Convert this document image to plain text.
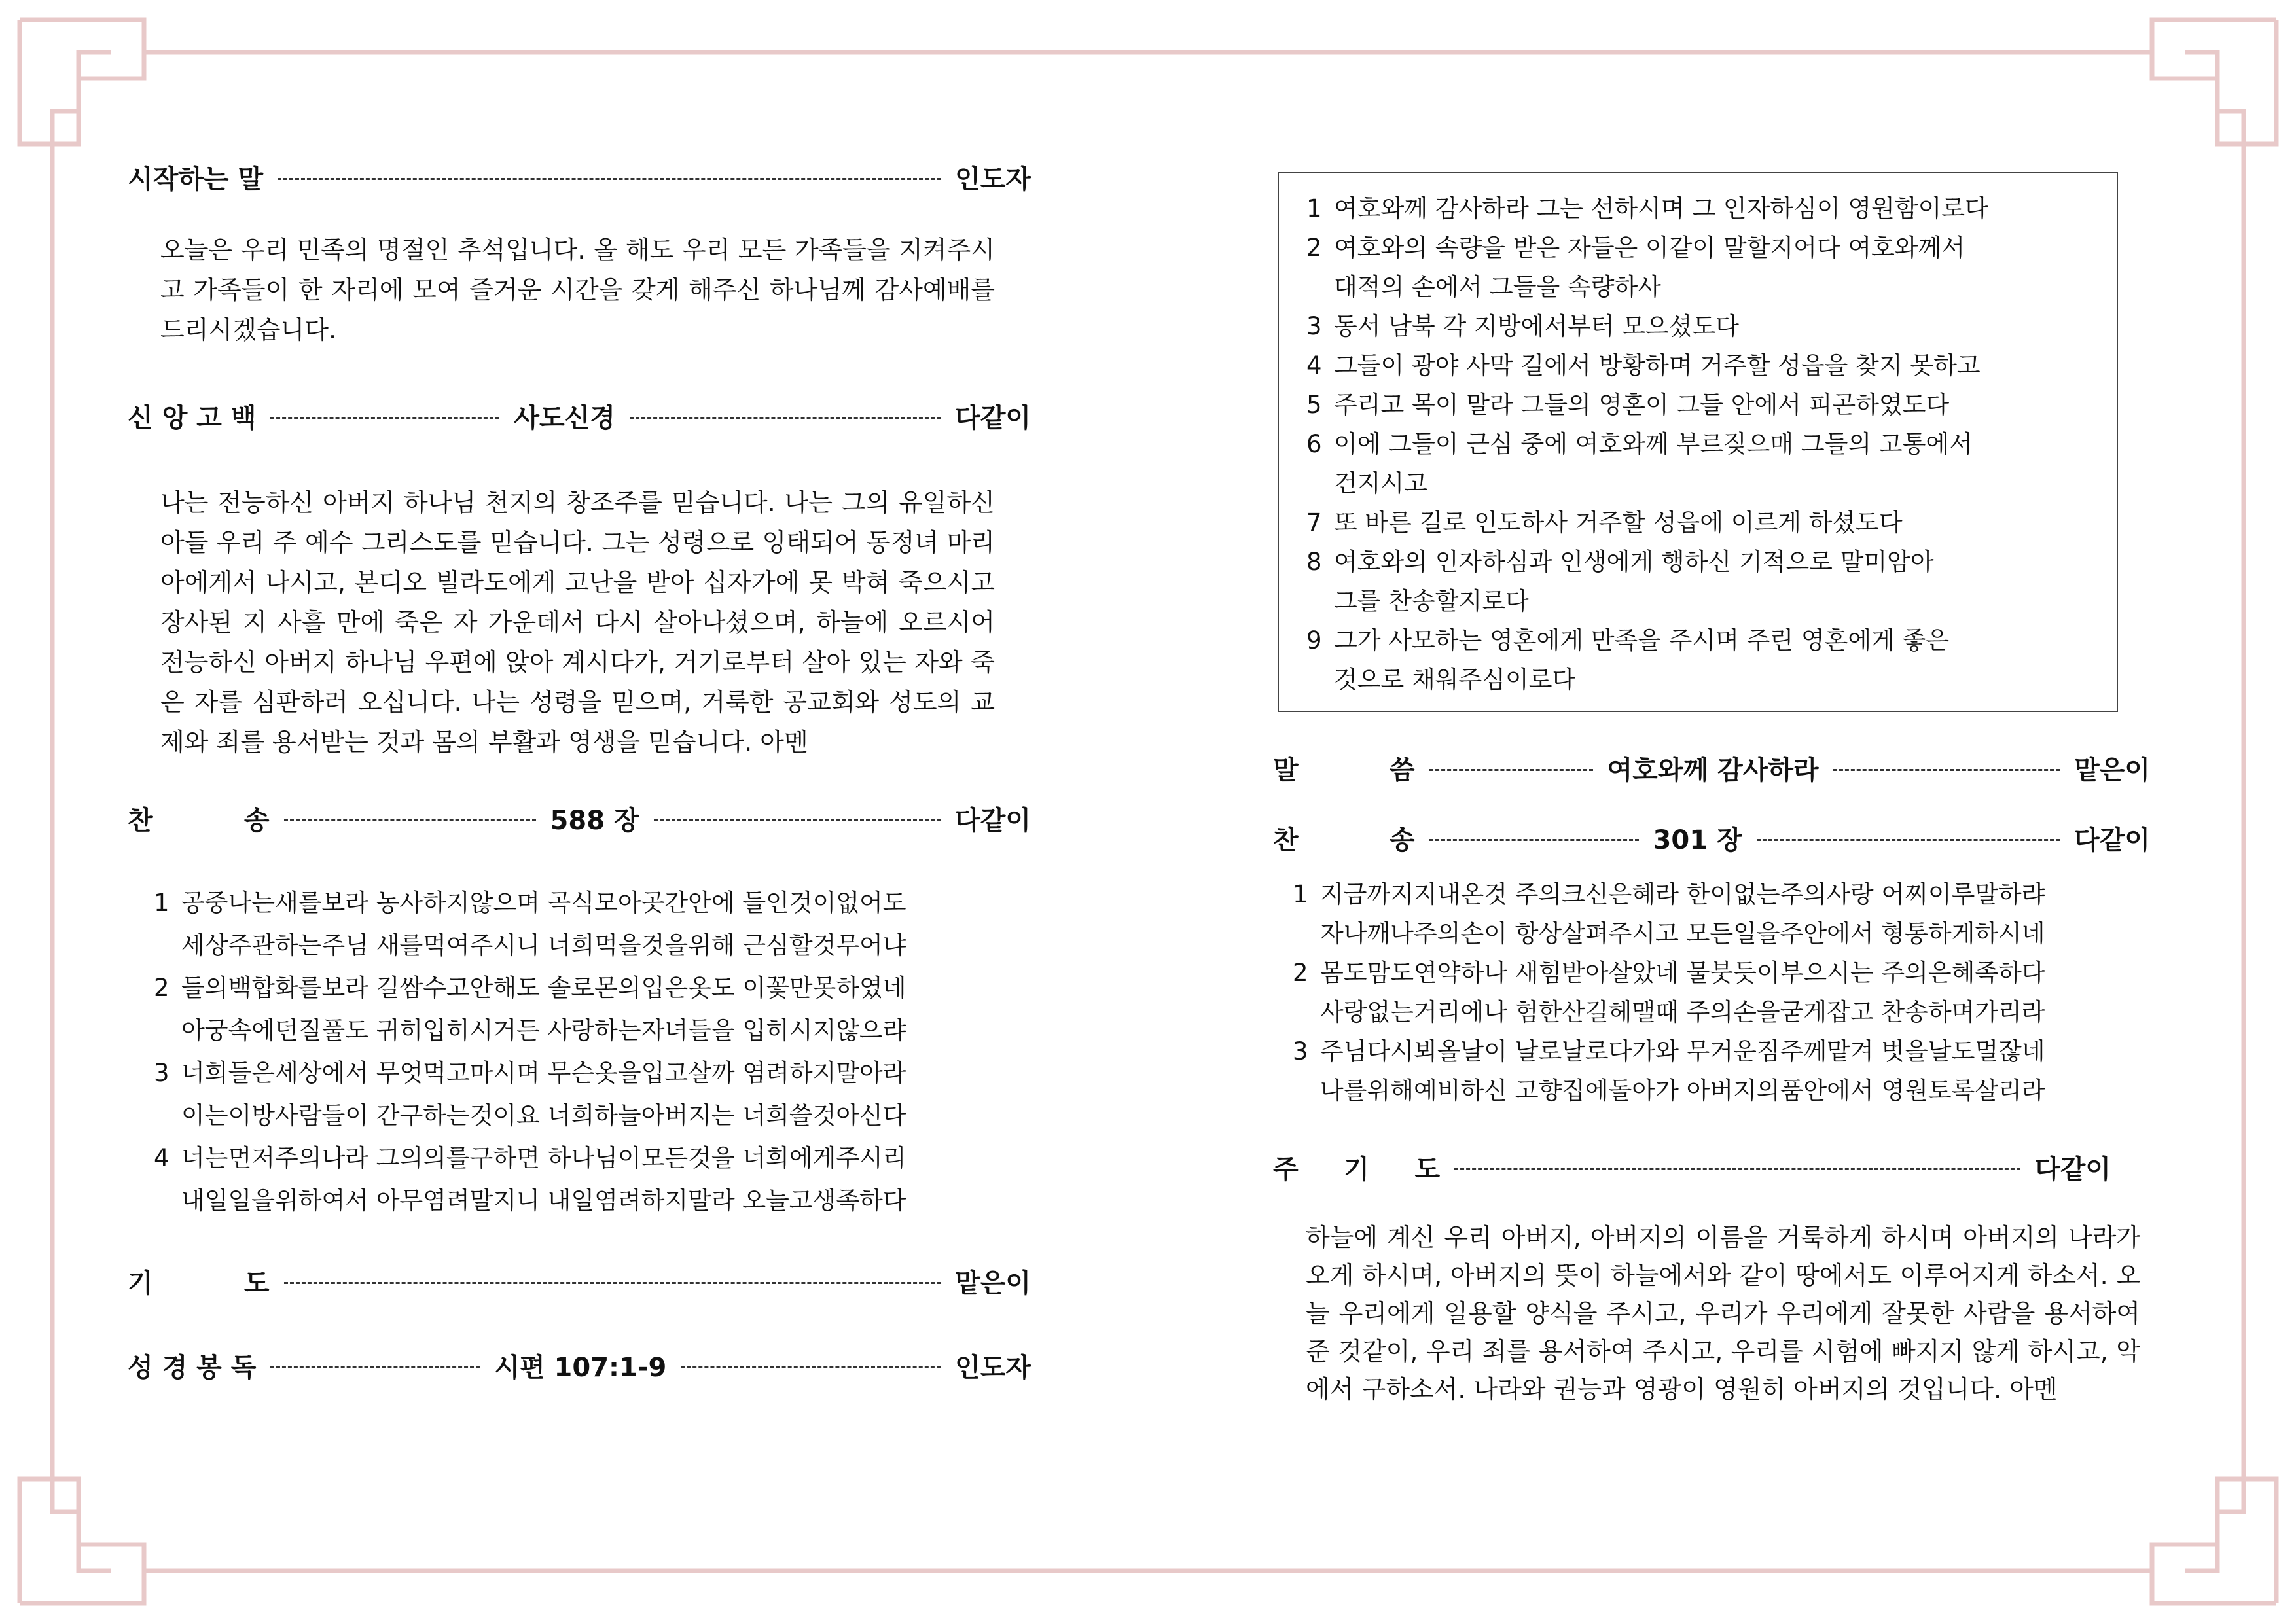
시작하는 말	인도자
오늘은 우리 민족의 명절인 추석입니다. 올 해도 우리 모든 가족들을 지켜주시고 가족들이 한 자리에 모여 즐거운 시간을 갖게 해주신 하나님께 감사예배를 드리시겠습니다.
신 앙 고 백	사도신경	다같이
나는 전능하신 아버지 하나님 천지의 창조주를 믿습니다. 나는 그의 유일하신 아들 우리 주 예수 그리스도를 믿습니다. 그는 성령으로 잉태되어 동정녀 마리아에게서 나시고, 본디오 빌라도에게 고난을 받아 십자가에 못 박혀 죽으시고 장사된 지 사흘 만에 죽은 자 가운데서 다시 살아나셨으며, 하늘에 오르시어 전능하신 아버지 하나님 우편에 앉아 계시다가, 거기로부터 살아 있는 자와 죽은 자를 심판하러 오십니다. 나는 성령을 믿으며, 거룩한 공교회와 성도의 교제와 죄를 용서받는 것과 몸의 부활과 영생을 믿습니다. 아멘
찬          송	588 장	다같이
1 공중나는새를보라 농사하지않으며 곡식모아곳간안에 들인것이없어도
세상주관하는주님 새를먹여주시니 너희먹을것을위해 근심할것무어냐
2 들의백합화를보라 길쌈수고안해도 솔로몬의입은옷도 이꽃만못하였네
아궁속에던질풀도 귀히입히시거든 사랑하는자녀들을 입히시지않으랴
3 너희들은세상에서 무엇먹고마시며 무슨옷을입고살까 염려하지말아라
이는이방사람들이 간구하는것이요 너희하늘아버지는 너희쓸것아신다
4 너는먼저주의나라 그의의를구하면 하나님이모든것을 너희에게주시리
내일일을위하여서 아무염려말지니 내일염려하지말라 오늘고생족하다
기          도	맡은이
성 경 봉 독	시편 107:1-9	인도자
1 여호와께 감사하라 그는 선하시며 그 인자하심이 영원함이로다
2 여호와의 속량을 받은 자들은 이같이 말할지어다 여호와께서
대적의 손에서 그들을 속량하사
3 동서 남북 각 지방에서부터 모으셨도다
4 그들이 광야 사막 길에서 방황하며 거주할 성읍을 찾지 못하고
5 주리고 목이 말라 그들의 영혼이 그들 안에서 피곤하였도다
6 이에 그들이 근심 중에 여호와께 부르짖으매 그들의 고통에서
건지시고
7 또 바른 길로 인도하사 거주할 성읍에 이르게 하셨도다
8 여호와의 인자하심과 인생에게 행하신 기적으로 말미암아
그를 찬송할지로다
9 그가 사모하는 영혼에게 만족을 주시며 주린 영혼에게 좋은
것으로 채워주심이로다
말          씀	여호와께 감사하라	맡은이
찬          송	301 장	다같이
1 지금까지지내온것 주의크신은혜라 한이없는주의사랑 어찌이루말하랴
자나깨나주의손이 항상살펴주시고 모든일을주안에서 형통하게하시네
2 몸도맘도연약하나 새힘받아살았네 물붓듯이부으시는 주의은혜족하다
사랑없는거리에나 험한산길헤맬때 주의손을굳게잡고 찬송하며가리라
3 주님다시뵈올날이 날로날로다가와 무거운짐주께맡겨 벗을날도멀잖네
나를위해예비하신 고향집에돌아가 아버지의품안에서 영원토록살리라
주     기     도	다같이
하늘에 계신 우리 아버지, 아버지의 이름을 거룩하게 하시며 아버지의 나라가 오게 하시며, 아버지의 뜻이 하늘에서와 같이 땅에서도 이루어지게 하소서. 오늘 우리에게 일용할 양식을 주시고, 우리가 우리에게 잘못한 사람을 용서하여 준 것같이, 우리 죄를 용서하여 주시고, 우리를 시험에 빠지지 않게 하시고, 악에서 구하소서. 나라와 권능과 영광이 영원히 아버지의 것입니다. 아멘
